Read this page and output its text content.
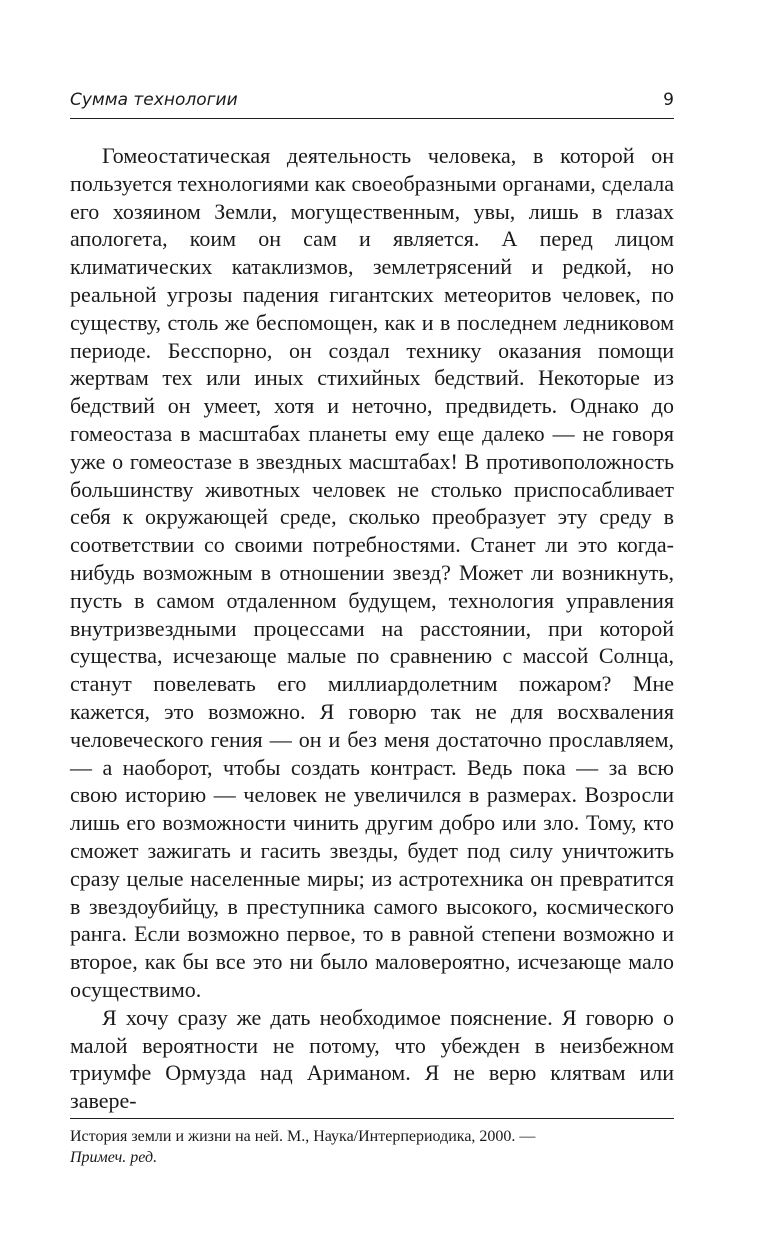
Сумма технологии	9

Гомеостатическая деятельность человека, в которой он пользуется технологиями как своеобразными органами, сделала его хозяином Земли, могущественным, увы, лишь в глазах апологета, коим он сам и является. А перед лицом климатических катаклизмов, землетрясений и редкой, но реальной угрозы падения гигантских метеоритов человек, по существу, столь же беспомощен, как и в последнем ледниковом периоде. Бесспорно, он создал технику оказания помощи жертвам тех или иных стихийных бедствий. Некоторые из бедствий он умеет, хотя и неточно, предвидеть. Однако до гомеостаза в масштабах планеты ему еще далеко — не говоря уже о гомеостазе в звездных масштабах! В противоположность большинству животных человек не столько приспосабливает себя к окружающей среде, сколько преобразует эту среду в соответствии со своими потребностями. Станет ли это когда-нибудь возможным в отношении звезд? Может ли возникнуть, пусть в самом отдаленном будущем, технология управления внутризвездными процессами на расстоянии, при которой существа, исчезающе малые по сравнению с массой Солнца, станут повелевать его миллиардолетним пожаром? Мне кажется, это возможно. Я говорю так не для восхваления человеческого гения — он и без меня достаточно прославляем, — а наоборот, чтобы создать контраст. Ведь пока — за всю свою историю — человек не увеличился в размерах. Возросли лишь его возможности чинить другим добро или зло. Тому, кто сможет зажигать и гасить звезды, будет под силу уничтожить сразу целые населенные миры; из астротехника он превратится в звездоубийцу, в преступника самого высокого, космического ранга. Если возможно первое, то в равной степени возможно и второе, как бы все это ни было маловероятно, исчезающе мало осуществимо.

Я хочу сразу же дать необходимое пояснение. Я говорю о малой вероятности не потому, что убежден в неизбежном триумфе Ормузда над Ариманом. Я не верю клятвам или завере-

История земли и жизни на ней. М., Наука/Интерпериодика, 2000. —
Примеч. ред.
